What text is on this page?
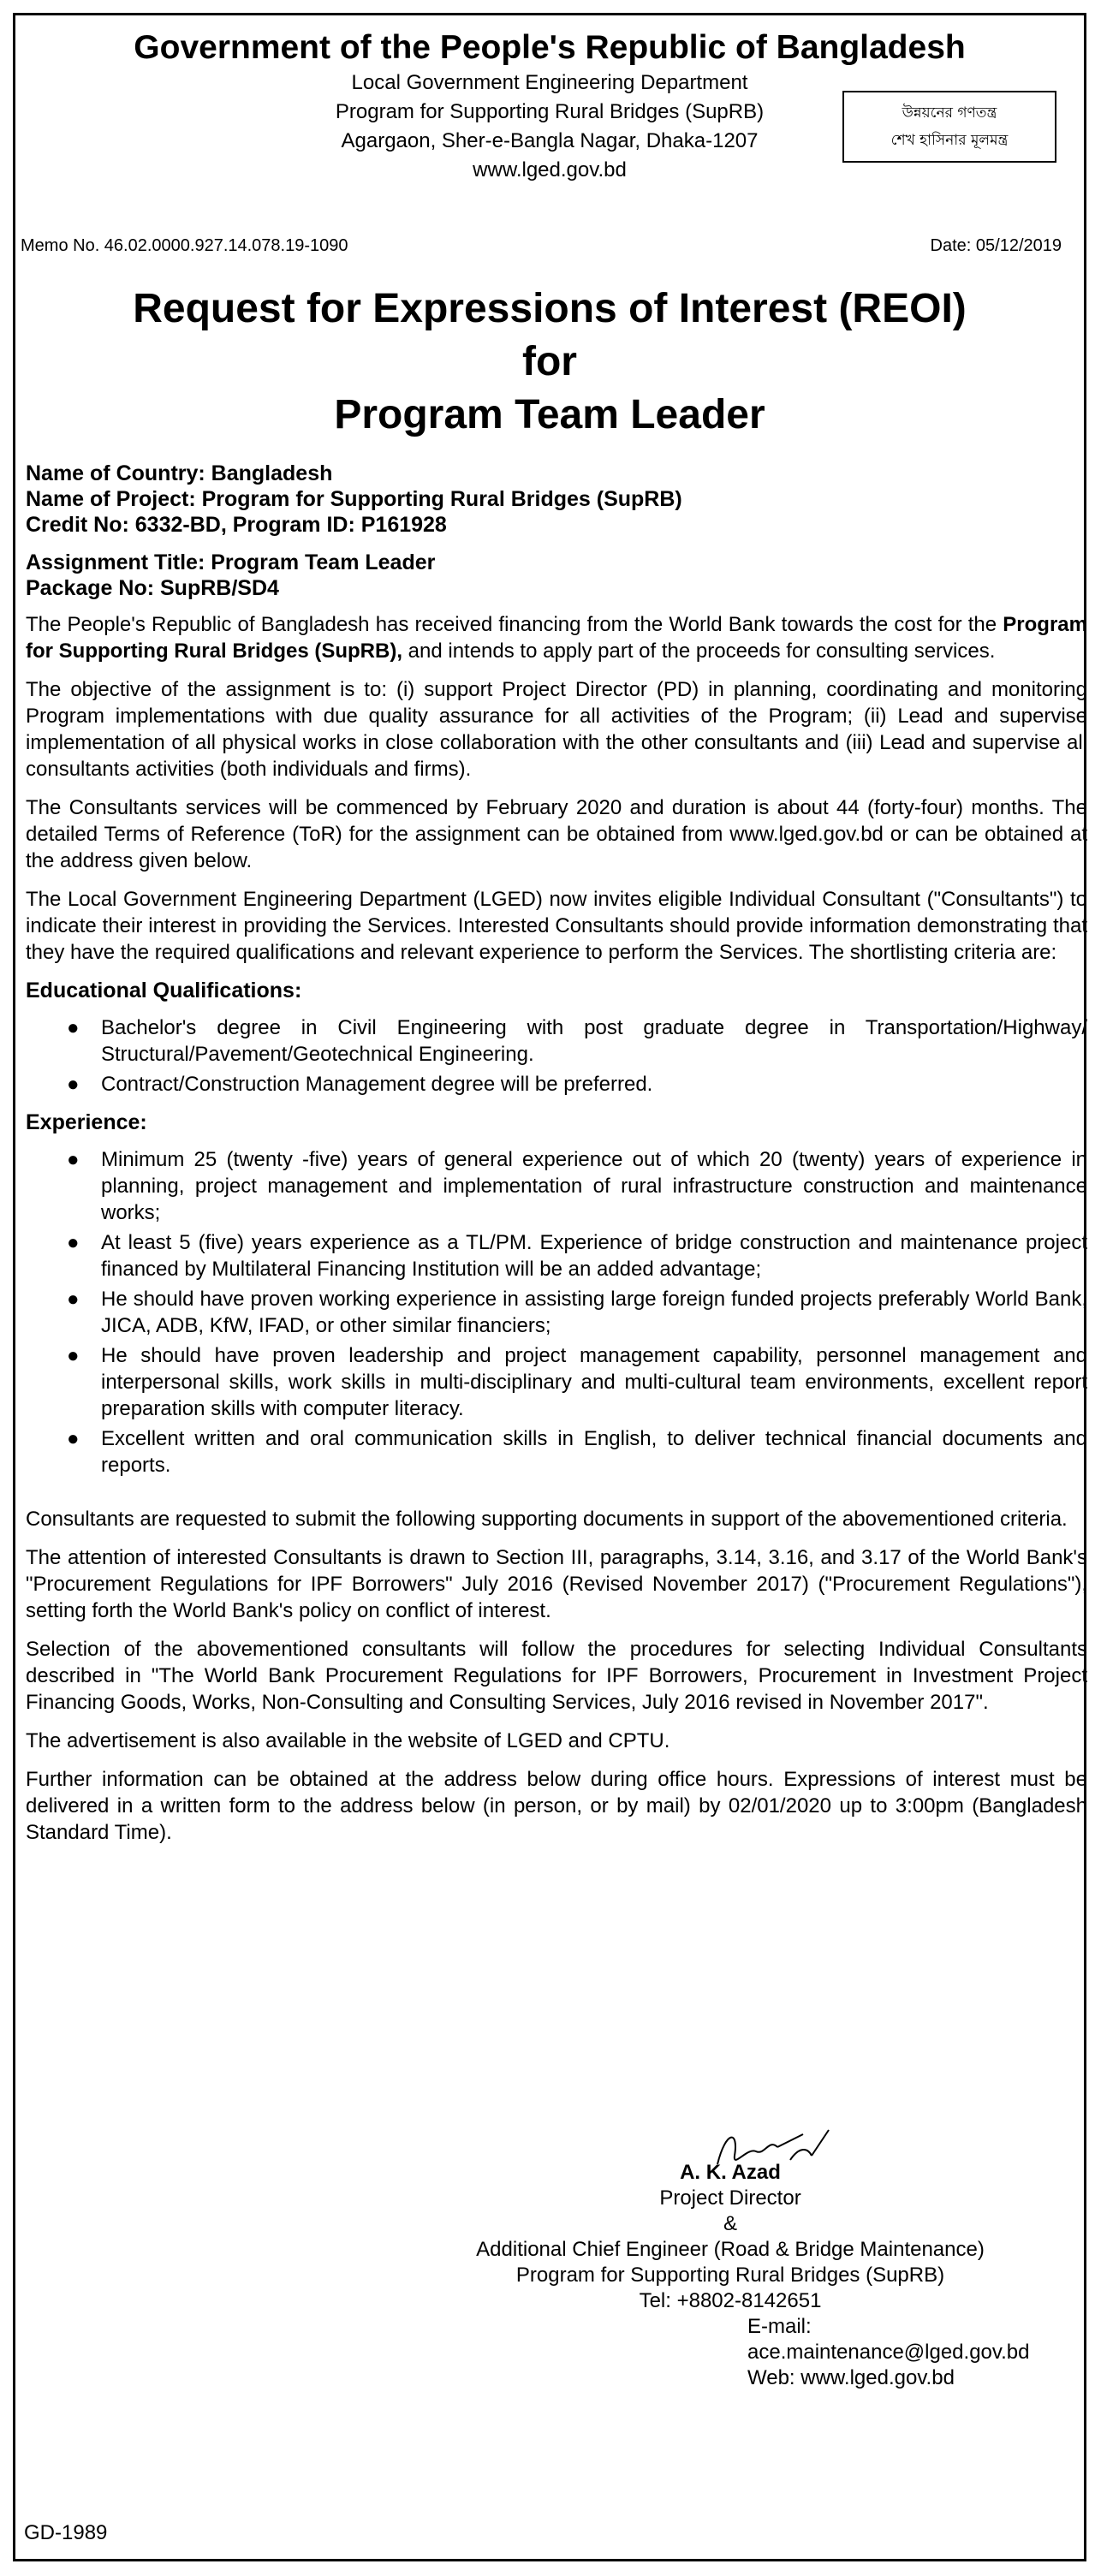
Government of the People's Republic of Bangladesh
Local Government Engineering Department
Program for Supporting Rural Bridges (SupRB)
Agargaon, Sher-e-Bangla Nagar, Dhaka-1207
www.lged.gov.bd
উন্নয়নের গণতন্ত্র
শেখ হাসিনার মূলমন্ত্র
Memo No. 46.02.0000.927.14.078.19-1090	Date: 05/12/2019
Request for Expressions of Interest (REOI)
for
Program Team Leader
Name of Country: Bangladesh
Name of Project: Program for Supporting Rural Bridges (SupRB)
Credit No: 6332-BD, Program ID: P161928
Assignment Title: Program Team Leader
Package No: SupRB/SD4

The People's Republic of Bangladesh has received financing from the World Bank towards the cost for the Program for Supporting Rural Bridges (SupRB), and intends to apply part of the proceeds for consulting services.

The objective of the assignment is to: (i) support Project Director (PD) in planning, coordinating and monitoring Program implementations with due quality assurance for all activities of the Program; (ii) Lead and supervise implementation of all physical works in close collaboration with the other consultants and (iii) Lead and supervise all consultants activities (both individuals and firms).

The Consultants services will be commenced by February 2020 and duration is about 44 (forty-four) months. The detailed Terms of Reference (ToR) for the assignment can be obtained from www.lged.gov.bd or can be obtained at the address given below.

The Local Government Engineering Department (LGED) now invites eligible Individual Consultant ("Consultants") to indicate their interest in providing the Services. Interested Consultants should provide information demonstrating that they have the required qualifications and relevant experience to perform the Services. The shortlisting criteria are:

Educational Qualifications:
● Bachelor's degree in Civil Engineering with post graduate degree in Transportation/Highway/ Structural/Pavement/Geotechnical Engineering.
● Contract/Construction Management degree will be preferred.
Experience:
● Minimum 25 (twenty -five) years of general experience out of which 20 (twenty) years of experience in planning, project management and implementation of rural infrastructure construction and maintenance works;
● At least 5 (five) years experience as a TL/PM. Experience of bridge construction and maintenance project financed by Multilateral Financing Institution will be an added advantage;
● He should have proven working experience in assisting large foreign funded projects preferably World Bank, JICA, ADB, KfW, IFAD, or other similar financiers;
● He should have proven leadership and project management capability, personnel management and interpersonal skills, work skills in multi-disciplinary and multi-cultural team environments, excellent report preparation skills with computer literacy.
● Excellent written and oral communication skills in English, to deliver technical financial documents and reports.

Consultants are requested to submit the following supporting documents in support of the abovementioned criteria.

The attention of interested Consultants is drawn to Section III, paragraphs, 3.14, 3.16, and 3.17 of the World Bank's "Procurement Regulations for IPF Borrowers" July 2016 (Revised November 2017) ("Procurement Regulations"), setting forth the World Bank's policy on conflict of interest.

Selection of the abovementioned consultants will follow the procedures for selecting Individual Consultants described in "The World Bank Procurement Regulations for IPF Borrowers, Procurement in Investment Project Financing Goods, Works, Non-Consulting and Consulting Services, July 2016 revised in November 2017".

The advertisement is also available in the website of LGED and CPTU.

Further information can be obtained at the address below during office hours. Expressions of interest must be delivered in a written form to the address below (in person, or by mail) by 02/01/2020 up to 3:00pm (Bangladesh Standard Time).

A. K. Azad
Project Director
&
Additional Chief Engineer (Road & Bridge Maintenance)
Program for Supporting Rural Bridges (SupRB)
Tel: +8802-8142651
E-mail: ace.maintenance@lged.gov.bd
Web: www.lged.gov.bd
GD-1989
